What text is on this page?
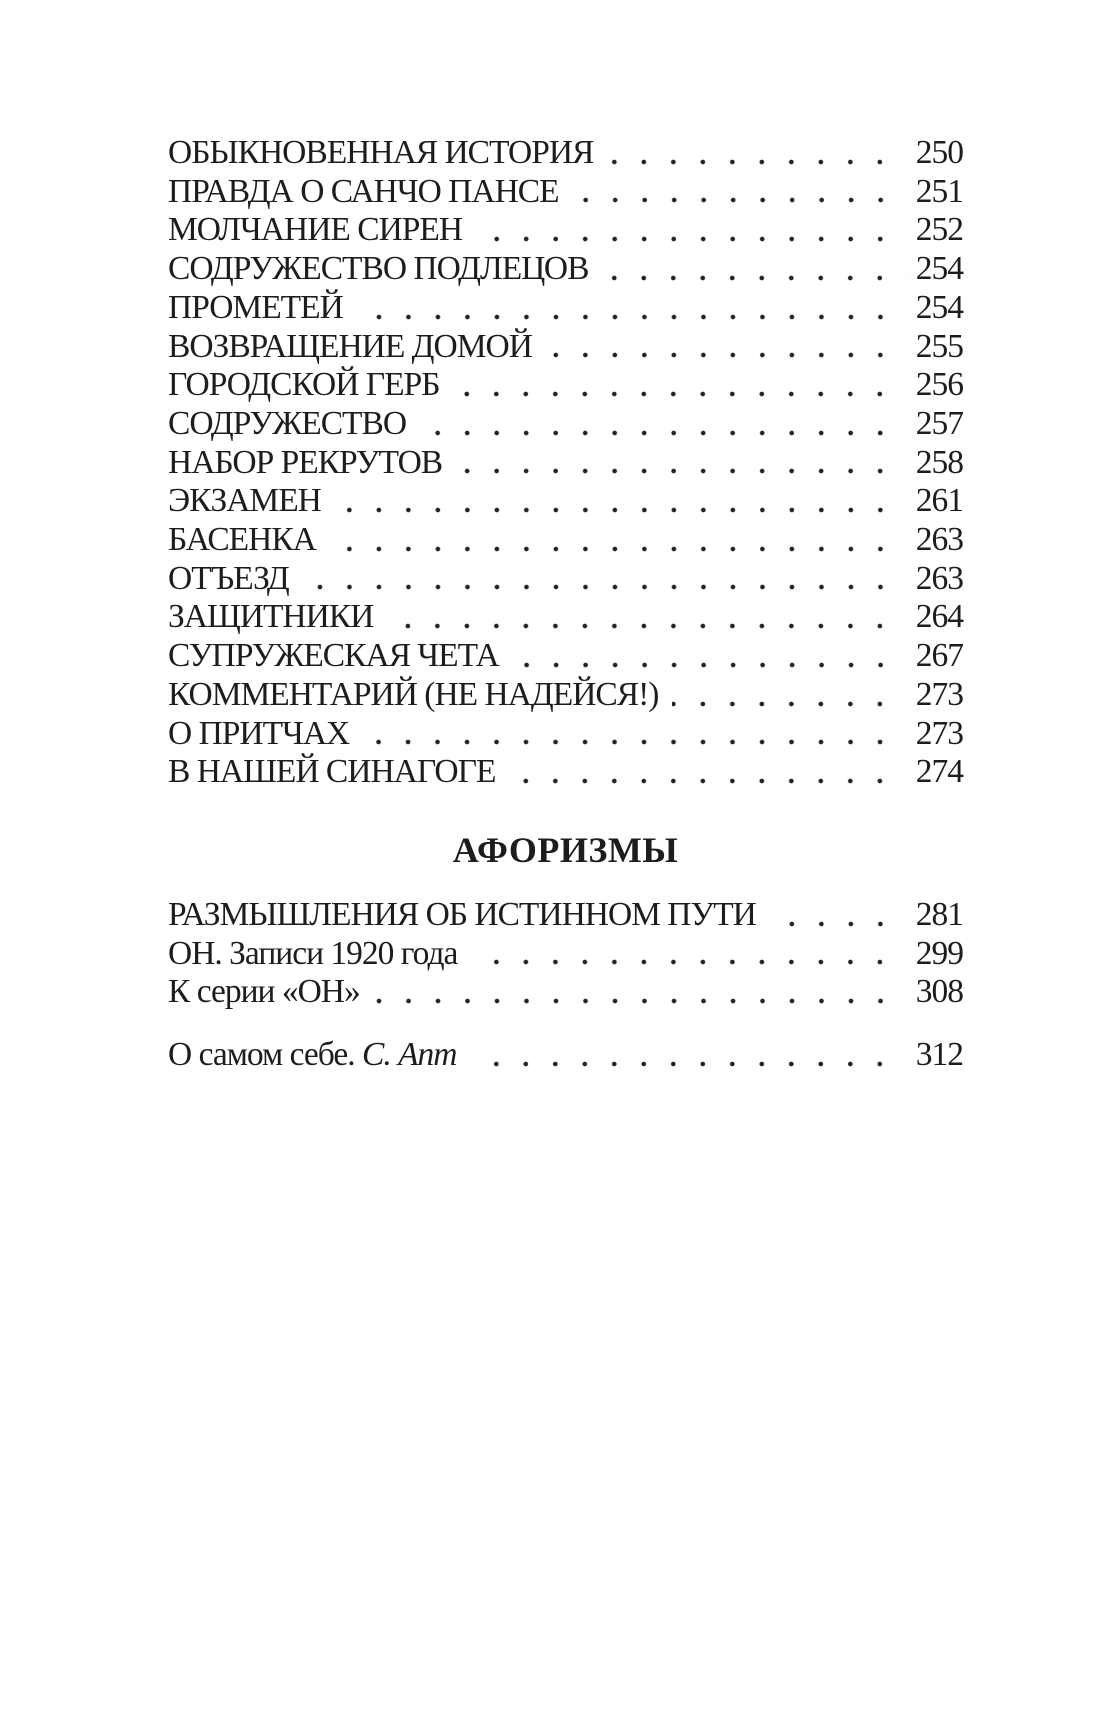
ОБЫКНОВЕННАЯ ИСТОРИЯ	250
ПРАВДА О САНЧО ПАНСЕ	251
МОЛЧАНИЕ СИРЕН	252
СОДРУЖЕСТВО ПОДЛЕЦОВ	254
ПРОМЕТЕЙ	254
ВОЗВРАЩЕНИЕ ДОМОЙ	255
ГОРОДСКОЙ ГЕРБ	256
СОДРУЖЕСТВО	257
НАБОР РЕКРУТОВ	258
ЭКЗАМЕН	261
БАСЕНКА	263
ОТЪЕЗД	263
ЗАЩИТНИКИ	264
СУПРУЖЕСКАЯ ЧЕТА	267
КОММЕНТАРИЙ (НЕ НАДЕЙСЯ!)	273
О ПРИТЧАХ	273
В НАШЕЙ СИНАГОГЕ	274
АФОРИЗМЫ
РАЗМЫШЛЕНИЯ ОБ ИСТИННОМ ПУТИ	281
ОН. Записи 1920 года	299
К серии «ОН»	308
О самом себе. С. Апт	312
